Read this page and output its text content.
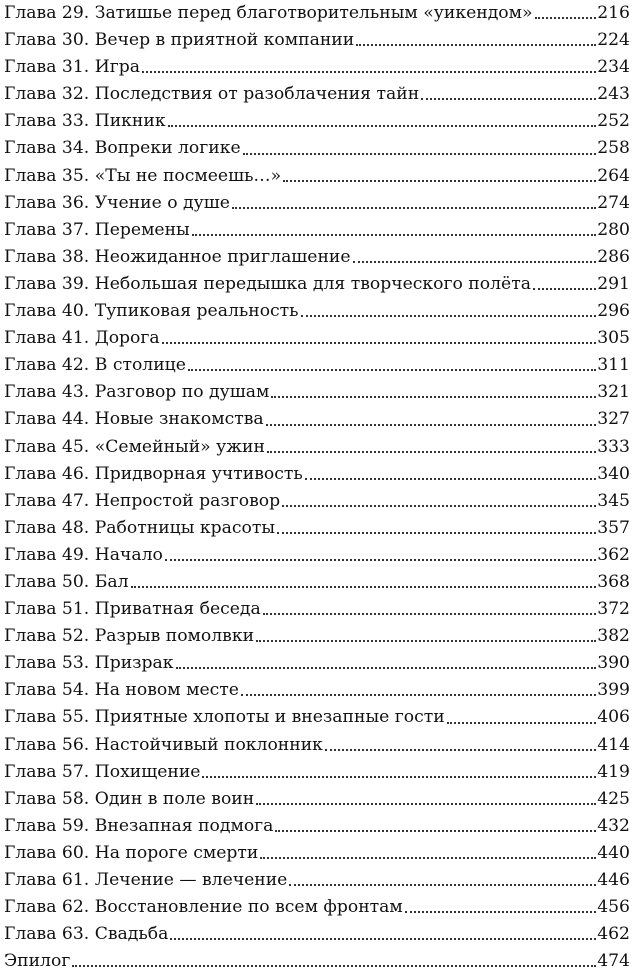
Глава 29. Затишье перед благотворительным «уикендом»	216
Глава 30. Вечер в приятной компании	224
Глава 31. Игра	234
Глава 32. Последствия от разоблачения тайн	243
Глава 33. Пикник	252
Глава 34. Вопреки логике	258
Глава 35. «Ты не посмеешь…»	264
Глава 36. Учение о душе	274
Глава 37. Перемены	280
Глава 38. Неожиданное приглашение	286
Глава 39. Небольшая передышка для творческого полёта	291
Глава 40. Тупиковая реальность	296
Глава 41. Дорога	305
Глава 42. В столице	311
Глава 43. Разговор по душам	321
Глава 44. Новые знакомства	327
Глава 45. «Семейный» ужин	333
Глава 46. Придворная учтивость	340
Глава 47. Непростой разговор	345
Глава 48. Работницы красоты	357
Глава 49. Начало	362
Глава 50. Бал	368
Глава 51. Приватная беседа	372
Глава 52. Разрыв помолвки	382
Глава 53. Призрак	390
Глава 54. На новом месте	399
Глава 55. Приятные хлопоты и внезапные гости	406
Глава 56. Настойчивый поклонник	414
Глава 57. Похищение	419
Глава 58. Один в поле воин	425
Глава 59. Внезапная подмога	432
Глава 60. На пороге смерти	440
Глава 61. Лечение — влечение	446
Глава 62. Восстановление по всем фронтам	456
Глава 63. Свадьба	462
Эпилог	474
